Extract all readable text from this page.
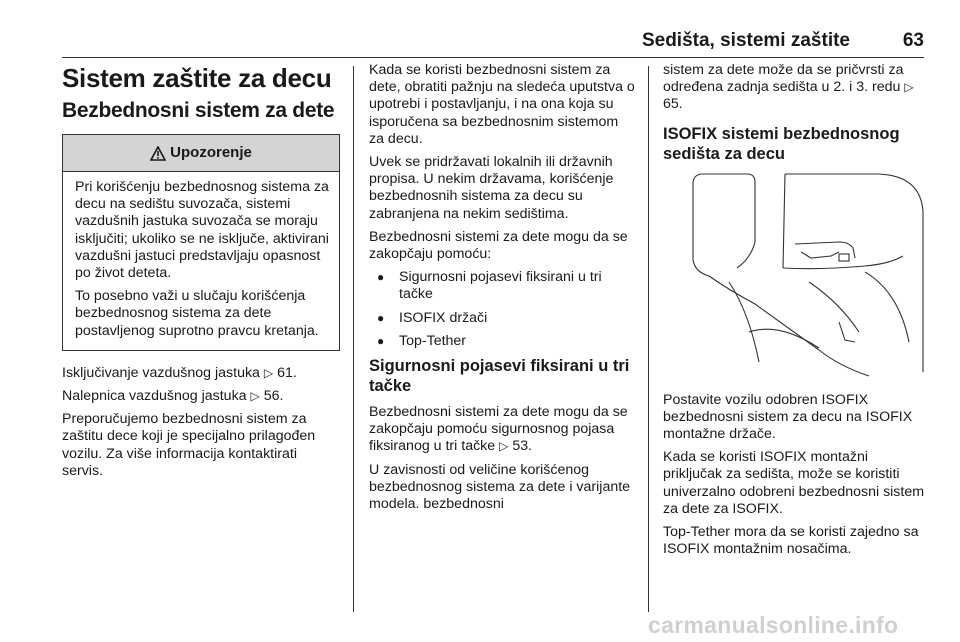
Sedišta, sistemi zaštite	63
Sistem zaštite za decu
Bezbednosni sistem za dete
Upozorenje

Pri korišćenju bezbednosnog sistema za decu na sedištu suvozača, sistemi vazdušnih jastuka suvozača se moraju isključiti; ukoliko se ne isključe, aktivirani vazdušni jastuci predstavljaju opasnost po život deteta.

To posebno važi u slučaju korišćenja bezbednosnog sistema za dete postavljenog suprotno pravcu kretanja.

Isključivanje vazdušnog jastuka ▷ 61.

Nalepnica vazdušnog jastuka ▷ 56.

Preporučujemo bezbednosni sistem za zaštitu dece koji je specijalno prilagođen vozilu. Za više informacija kontaktirati servis.

Kada se koristi bezbednosni sistem za dete, obratiti pažnju na sledeća uputstva o upotrebi i postavljanju, i na ona koja su isporučena sa bezbednosnim sistemom za decu.

Uvek se pridržavati lokalnih ili državnih propisa. U nekim državama, korišćenje bezbednosnih sistema za decu su zabranjena na nekim sedištima.

Bezbednosni sistemi za dete mogu da se zakopčaju pomoću:

● Sigurnosni pojasevi fiksirani u tri tačke
● ISOFIX držači
● Top-Tether
Sigurnosni pojasevi fiksirani u tri tačke

Bezbednosni sistemi za dete mogu da se zakopčaju pomoću sigurnosnog pojasa fiksiranog u tri tačke ▷ 53.

U zavisnosti od veličine korišćenog bezbednosnog sistema za dete i varijante modela. bezbednosni

sistem za dete može da se pričvrsti za određena zadnja sedišta u 2. i 3. redu ▷ 65.

ISOFIX sistemi bezbednosnog sedišta za decu

Postavite vozilu odobren ISOFIX bezbednosni sistem za decu na ISOFIX montažne držače.

Kada se koristi ISOFIX montažni priključak za sedišta, može se koristiti univerzalno odobreni bezbednosni sistem za dete za ISOFIX.

Top-Tether mora da se koristi zajedno sa ISOFIX montažnim nosačima.

carmanualsonline.info
